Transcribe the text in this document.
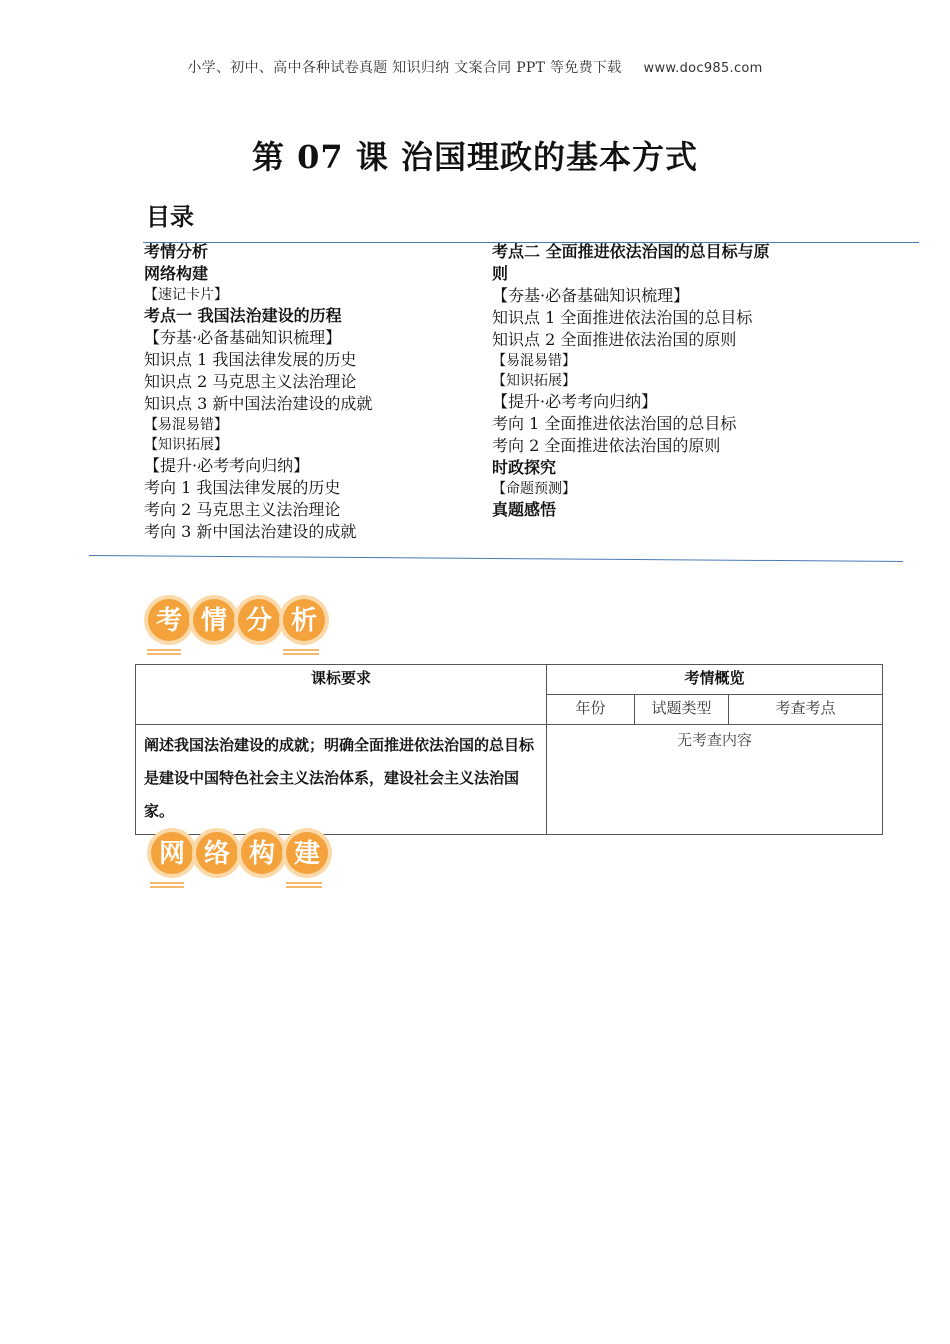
小学、初中、高中各种试卷真题 知识归纳 文案合同 PPT 等免费下载 www.doc985.com
第 07 课 治国理政的基本方式
目录
考情分析
网络构建
【速记卡片】
考点一 我国法治建设的历程
【夯基·必备基础知识梳理】
知识点 1 我国法律发展的历史
知识点 2 马克思主义法治理论
知识点 3 新中国法治建设的成就
【易混易错】
【知识拓展】
【提升·必考考向归纳】
考向 1 我国法律发展的历史
考向 2 马克思主义法治理论
考向 3 新中国法治建设的成就
考点二 全面推进依法治国的总目标与原
则
【夯基·必备基础知识梳理】
知识点 1 全面推进依法治国的总目标
知识点 2 全面推进依法治国的原则
【易混易错】
【知识拓展】
【提升·必考考向归纳】
考向 1 全面推进依法治国的总目标
考向 2 全面推进依法治国的原则
时政探究
【命题预测】
真题感悟
考 情 分 析
课标要求	考情概览		
	年份	试题类型	考查考点
阐述我国法治建设的成就；明确全面推进依法治国的总目标是建设中国特色社会主义法治体系，建设社会主义法治国家。	无考查内容		
网 络 构 建
